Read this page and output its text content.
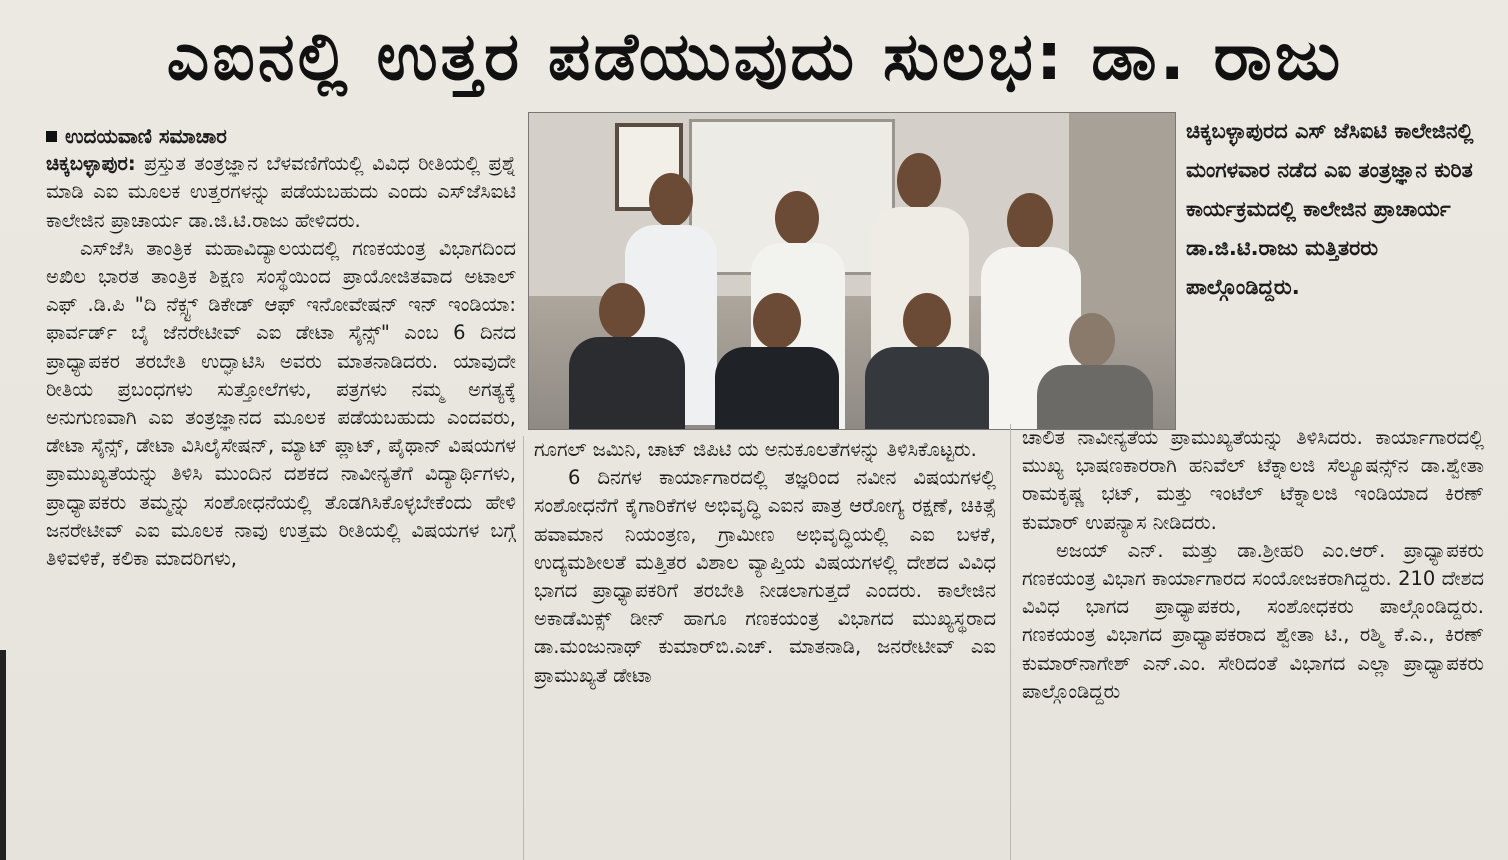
ಎಐನಲ್ಲಿ ಉತ್ತರ ಪಡೆಯುವುದು ಸುಲಭ: ಡಾ. ರಾಜು
ಉದಯವಾಣಿ ಸಮಾಚಾರ

ಚಿಕ್ಕಬಳ್ಳಾಪುರ: ಪ್ರಸ್ತುತ ತಂತ್ರಜ್ಞಾನ ಬೆಳವಣಿಗೆಯಲ್ಲಿ ವಿವಿಧ ರೀತಿಯಲ್ಲಿ ಪ್ರಶ್ನೆ ಮಾಡಿ ಎಐ ಮೂಲಕ ಉತ್ತರಗಳನ್ನು ಪಡೆಯಬಹುದು ಎಂದು ಎಸ್‌ಜೆಸಿಐಟಿ ಕಾಲೇಜಿನ ಪ್ರಾಚಾರ್ಯ ಡಾ.ಜಿ.ಟಿ.ರಾಜು ಹೇಳಿದರು.

ಎಸ್‌ಜೆಸಿ ತಾಂತ್ರಿಕ ಮಹಾವಿದ್ಯಾಲಯದಲ್ಲಿ ಗಣಕಯಂತ್ರ ವಿಭಾಗದಿಂದ ಅಖಿಲ ಭಾರತ ತಾಂತ್ರಿಕ ಶಿಕ್ಷಣ ಸಂಸ್ಥೆಯಿಂದ ಪ್ರಾಯೋಜಿತವಾದ ಅಟಾಲ್ ಎಫ್ .ಡಿ.ಪಿ "ದಿ ನೆಕ್ಸ್ಟ್ ಡಿಕೇಡ್ ಆಫ್ ಇನೋವೇಷನ್ ಇನ್ ಇಂಡಿಯಾ: ಫಾರ್ವರ್ಡ್ ಬೈ ಜೆನರೇಟೀವ್ ಎಐ ಡೇಟಾ ಸೈನ್ಸ್" ಎಂಬ 6 ದಿನದ ಪ್ರಾಧ್ಯಾಪಕರ ತರಬೇತಿ ಉದ್ಘಾಟಿಸಿ ಅವರು ಮಾತನಾಡಿದರು. ಯಾವುದೇ ರೀತಿಯ ಪ್ರಬಂಧಗಳು ಸುತ್ತೋಲೆಗಳು, ಪತ್ರಗಳು ನಮ್ಮ ಅಗತ್ಯಕ್ಕೆ ಅನುಗುಣವಾಗಿ ಎಐ ತಂತ್ರಜ್ಞಾನದ ಮೂಲಕ ಪಡೆಯಬಹುದು ಎಂದವರು, ಡೇಟಾ ಸೈನ್ಸ್, ಡೇಟಾ ವಿಸಿಲೈಸೇಷನ್, ಮ್ಯಾಟ್ ಪ್ಲಾಟ್, ಪೈಥಾನ್ ವಿಷಯಗಳ ಪ್ರಾಮುಖ್ಯತೆಯನ್ನು ತಿಳಿಸಿ ಮುಂದಿನ ದಶಕದ ನಾವೀನ್ಯತೆಗೆ ವಿದ್ಯಾರ್ಥಿಗಳು, ಪ್ರಾಧ್ಯಾಪಕರು ತಮ್ಮನ್ನು ಸಂಶೋಧನೆಯಲ್ಲಿ ತೊಡಗಿಸಿಕೊಳ್ಳಬೇಕೆಂದು ಹೇಳಿ ಜನರೇಟೀವ್ ಎಐ ಮೂಲಕ ನಾವು ಉತ್ತಮ ರೀತಿಯಲ್ಲಿ ವಿಷಯಗಳ ಬಗ್ಗೆ ತಿಳಿವಳಿಕೆ, ಕಲಿಕಾ ಮಾದರಿಗಳು,

ಚಿಕ್ಕಬಳ್ಳಾಪುರದ ಎಸ್ ಜೆಸಿಐಟಿ ಕಾಲೇಜಿನಲ್ಲಿ ಮಂಗಳವಾರ ನಡೆದ ಎಐ ತಂತ್ರಜ್ಞಾನ ಕುರಿತ ಕಾರ್ಯಕ್ರಮದಲ್ಲಿ ಕಾಲೇಜಿನ ಪ್ರಾಚಾರ್ಯ ಡಾ.ಜಿ.ಟಿ.ರಾಜು ಮತ್ತಿತರರು ಪಾಲ್ಗೊಂಡಿದ್ದರು.

ಗೂಗಲ್ ಜಮಿನಿ, ಚಾಟ್ ಜಿಪಿಟಿ ಯ ಅನುಕೂಲತೆಗಳನ್ನು ತಿಳಿಸಿಕೊಟ್ಟರು.

6 ದಿನಗಳ ಕಾರ್ಯಾಗಾರದಲ್ಲಿ ತಜ್ಞರಿಂದ ನವೀನ ವಿಷಯಗಳಲ್ಲಿ ಸಂಶೋಧನೆಗೆ ಕೈಗಾರಿಕೆಗಳ ಅಭಿವೃದ್ಧಿ ಎಐನ ಪಾತ್ರ ಆರೋಗ್ಯ ರಕ್ಷಣೆ, ಚಿಕಿತ್ಸೆ ಹವಾಮಾನ ನಿಯಂತ್ರಣ, ಗ್ರಾಮೀಣ ಅಭಿವೃದ್ಧಿಯಲ್ಲಿ ಎಐ ಬಳಕೆ, ಉದ್ಯಮಶೀಲತೆ ಮತ್ತಿತರ ವಿಶಾಲ ವ್ಯಾಪ್ತಿಯ ವಿಷಯಗಳಲ್ಲಿ ದೇಶದ ವಿವಿಧ ಭಾಗದ ಪ್ರಾಧ್ಯಾಪಕರಿಗೆ ತರಬೇತಿ ನೀಡಲಾಗುತ್ತದೆ ಎಂದರು. ಕಾಲೇಜಿನ ಅಕಾಡೆಮಿಕ್ಸ್ ಡೀನ್ ಹಾಗೂ ಗಣಕಯಂತ್ರ ವಿಭಾಗದ ಮುಖ್ಯಸ್ಥರಾದ ಡಾ.ಮಂಜುನಾಥ್ ಕುಮಾರ್‌ಬಿ.ಎಚ್. ಮಾತನಾಡಿ, ಜನರೇಟೀವ್ ಎಐ ಪ್ರಾಮುಖ್ಯತೆ ಡೇಟಾ

ಚಾಲಿತ ನಾವೀನ್ಯತೆಯ ಪ್ರಾಮುಖ್ಯತೆಯನ್ನು ತಿಳಿಸಿದರು. ಕಾರ್ಯಾಗಾರದಲ್ಲಿ ಮುಖ್ಯ ಭಾಷಣಕಾರರಾಗಿ ಹನಿವೆಲ್ ಟೆಕ್ನಾಲಜಿ ಸೆಲ್ಯೂಷನ್ಸ್‌ನ ಡಾ.ಶ್ವೇತಾ ರಾಮಕೃಷ್ಣ ಭಟ್, ಮತ್ತು ಇಂಟೆಲ್ ಟೆಕ್ನಾಲಜಿ ಇಂಡಿಯಾದ ಕಿರಣ್ ಕುಮಾರ್ ಉಪನ್ಯಾಸ ನೀಡಿದರು.

ಅಜಯ್ ಎನ್. ಮತ್ತು ಡಾ.ಶ್ರೀಹರಿ ಎಂ.ಆರ್. ಪ್ರಾಧ್ಯಾಪಕರು ಗಣಕಯಂತ್ರ ವಿಭಾಗ ಕಾರ್ಯಾಗಾರದ ಸಂಯೋಜಕರಾಗಿದ್ದರು. 210 ದೇಶದ ವಿವಿಧ ಭಾಗದ ಪ್ರಾಧ್ಯಾಪಕರು, ಸಂಶೋಧಕರು ಪಾಲ್ಗೊಂಡಿದ್ದರು. ಗಣಕಯಂತ್ರ ವಿಭಾಗದ ಪ್ರಾಧ್ಯಾಪಕರಾದ ಶ್ವೇತಾ ಟಿ., ರಶ್ಮಿ ಕೆ.ಎ., ಕಿರಣ್ ಕುಮಾರ್‌ನಾಗೇಶ್ ಎನ್.ಎಂ. ಸೇರಿದಂತೆ ವಿಭಾಗದ ಎಲ್ಲಾ ಪ್ರಾಧ್ಯಾಪಕರು ಪಾಲ್ಗೊಂಡಿದ್ದರು
